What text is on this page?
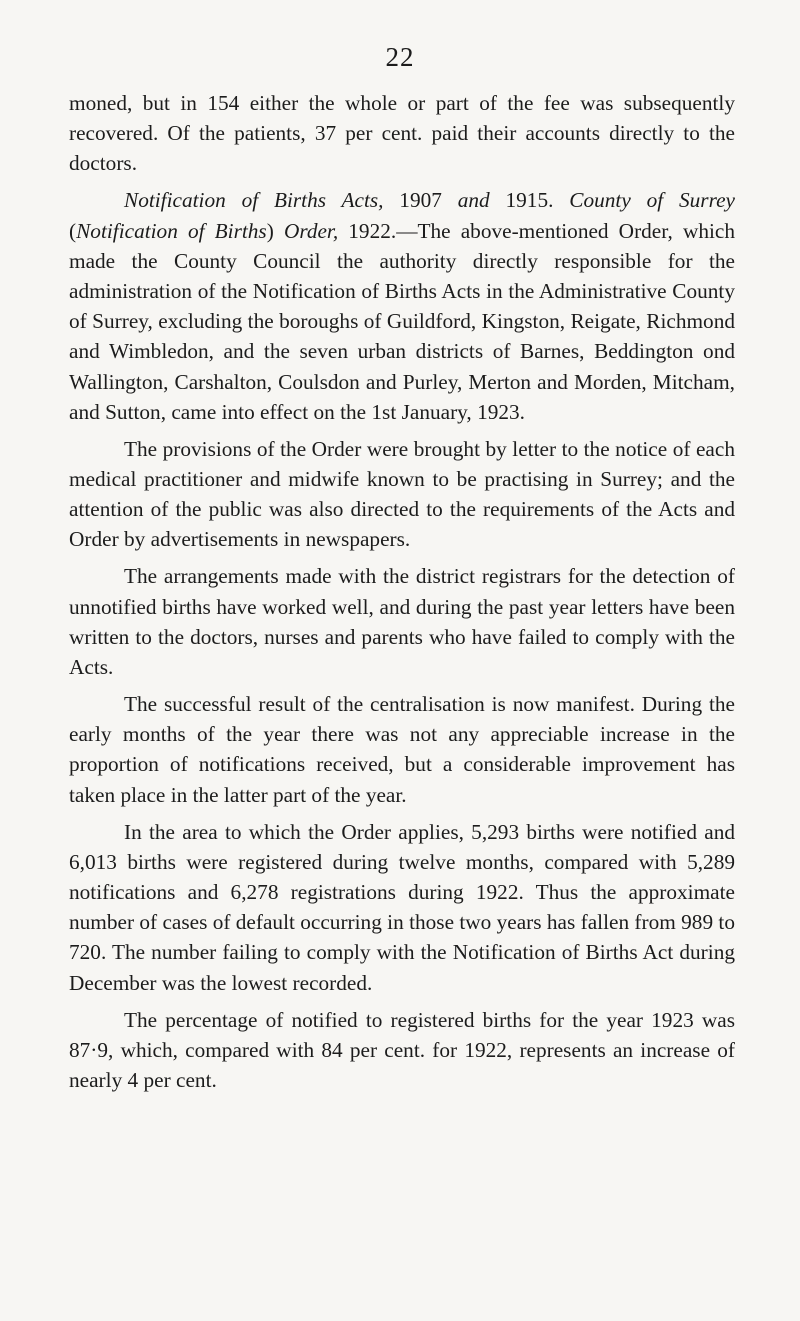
22

moned, but in 154 either the whole or part of the fee was subsequently recovered. Of the patients, 37 per cent. paid their accounts directly to the doctors.

Notification of Births Acts, 1907 and 1915. County of Surrey (Notification of Births) Order, 1922.—The above-mentioned Order, which made the County Council the authority directly responsible for the administration of the Notification of Births Acts in the Administrative County of Surrey, excluding the boroughs of Guildford, Kingston, Reigate, Richmond and Wimbledon, and the seven urban districts of Barnes, Beddington ond Wallington, Carshalton, Coulsdon and Purley, Merton and Morden, Mitcham, and Sutton, came into effect on the 1st January, 1923.

The provisions of the Order were brought by letter to the notice of each medical practitioner and midwife known to be practising in Surrey; and the attention of the public was also directed to the requirements of the Acts and Order by advertisements in newspapers.

The arrangements made with the district registrars for the detection of unnotified births have worked well, and during the past year letters have been written to the doctors, nurses and parents who have failed to comply with the Acts.

The successful result of the centralisation is now manifest. During the early months of the year there was not any appreciable increase in the proportion of notifications received, but a considerable improvement has taken place in the latter part of the year.

In the area to which the Order applies, 5,293 births were notified and 6,013 births were registered during twelve months, compared with 5,289 notifications and 6,278 registrations during 1922. Thus the approximate number of cases of default occurring in those two years has fallen from 989 to 720. The number failing to comply with the Notification of Births Act during December was the lowest recorded.

The percentage of notified to registered births for the year 1923 was 87·9, which, compared with 84 per cent. for 1922, represents an increase of nearly 4 per cent.
